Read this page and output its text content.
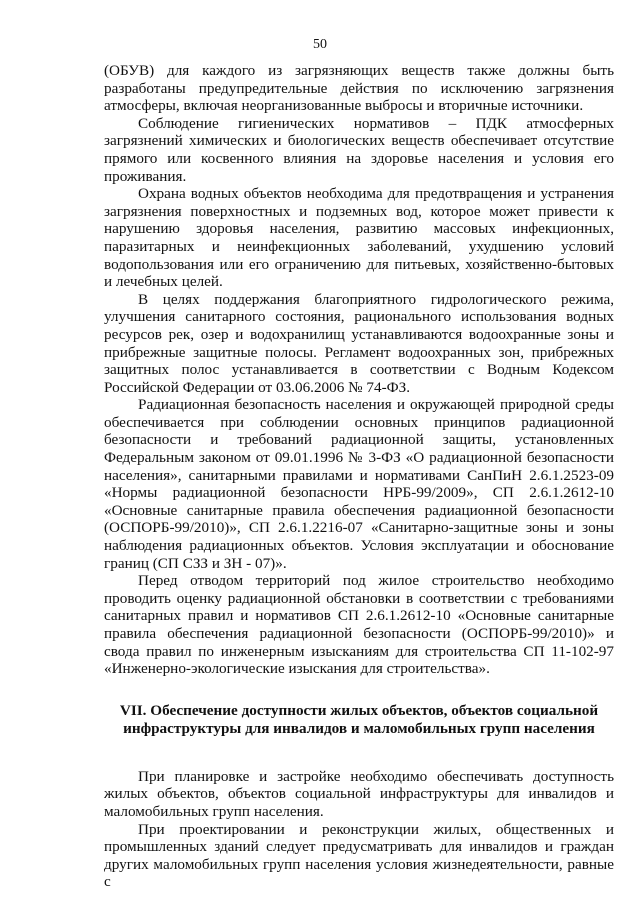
50

(ОБУВ) для каждого из загрязняющих веществ также должны быть разработаны предупредительные действия по исключению загрязнения атмосферы, включая неорганизованные выбросы и вторичные источники.

Соблюдение гигиенических нормативов – ПДК атмосферных загрязнений химических и биологических веществ обеспечивает отсутствие прямого или косвенного влияния на здоровье населения и условия его проживания.

Охрана водных объектов необходима для предотвращения и устранения загрязнения поверхностных и подземных вод, которое может привести к нарушению здоровья населения, развитию массовых инфекционных, паразитарных и неинфекционных заболеваний, ухудшению условий водопользования или его ограничению для питьевых, хозяйственно-бытовых и лечебных целей.

В целях поддержания благоприятного гидрологического режима, улучшения санитарного состояния, рационального использования водных ресурсов рек, озер и водохранилищ устанавливаются водоохранные зоны и прибрежные защитные полосы. Регламент водоохранных зон, прибрежных защитных полос устанавливается в соответствии с Водным Кодексом Российской Федерации от 03.06.2006 № 74-ФЗ.

Радиационная безопасность населения и окружающей природной среды обеспечивается при соблюдении основных принципов радиационной безопасности и требований радиационной защиты, установленных Федеральным законом от 09.01.1996 № 3-ФЗ «О радиационной безопасности населения», санитарными правилами и нормативами СанПиН 2.6.1.2523-09 «Нормы радиационной безопасности НРБ-99/2009», СП 2.6.1.2612-10 «Основные санитарные правила обеспечения радиационной безопасности (ОСПОРБ-99/2010)», СП 2.6.1.2216-07 «Санитарно-защитные зоны и зоны наблюдения радиационных объектов. Условия эксплуатации и обоснование границ (СП СЗЗ и ЗН - 07)».

Перед отводом территорий под жилое строительство необходимо проводить оценку радиационной обстановки в соответствии с требованиями санитарных правил и нормативов СП 2.6.1.2612-10 «Основные санитарные правила обеспечения радиационной безопасности (ОСПОРБ-99/2010)» и свода правил по инженерным изысканиям для строительства СП 11-102-97 «Инженерно-экологические изыскания для строительства».

VII. Обеспечение доступности жилых объектов, объектов социальной инфраструктуры для инвалидов и маломобильных групп населения

При планировке и застройке необходимо обеспечивать доступность жилых объектов, объектов социальной инфраструктуры для инвалидов и маломобильных групп населения.

При проектировании и реконструкции жилых, общественных и промышленных зданий следует предусматривать для инвалидов и граждан других маломобильных групп населения условия жизнедеятельности, равные с
